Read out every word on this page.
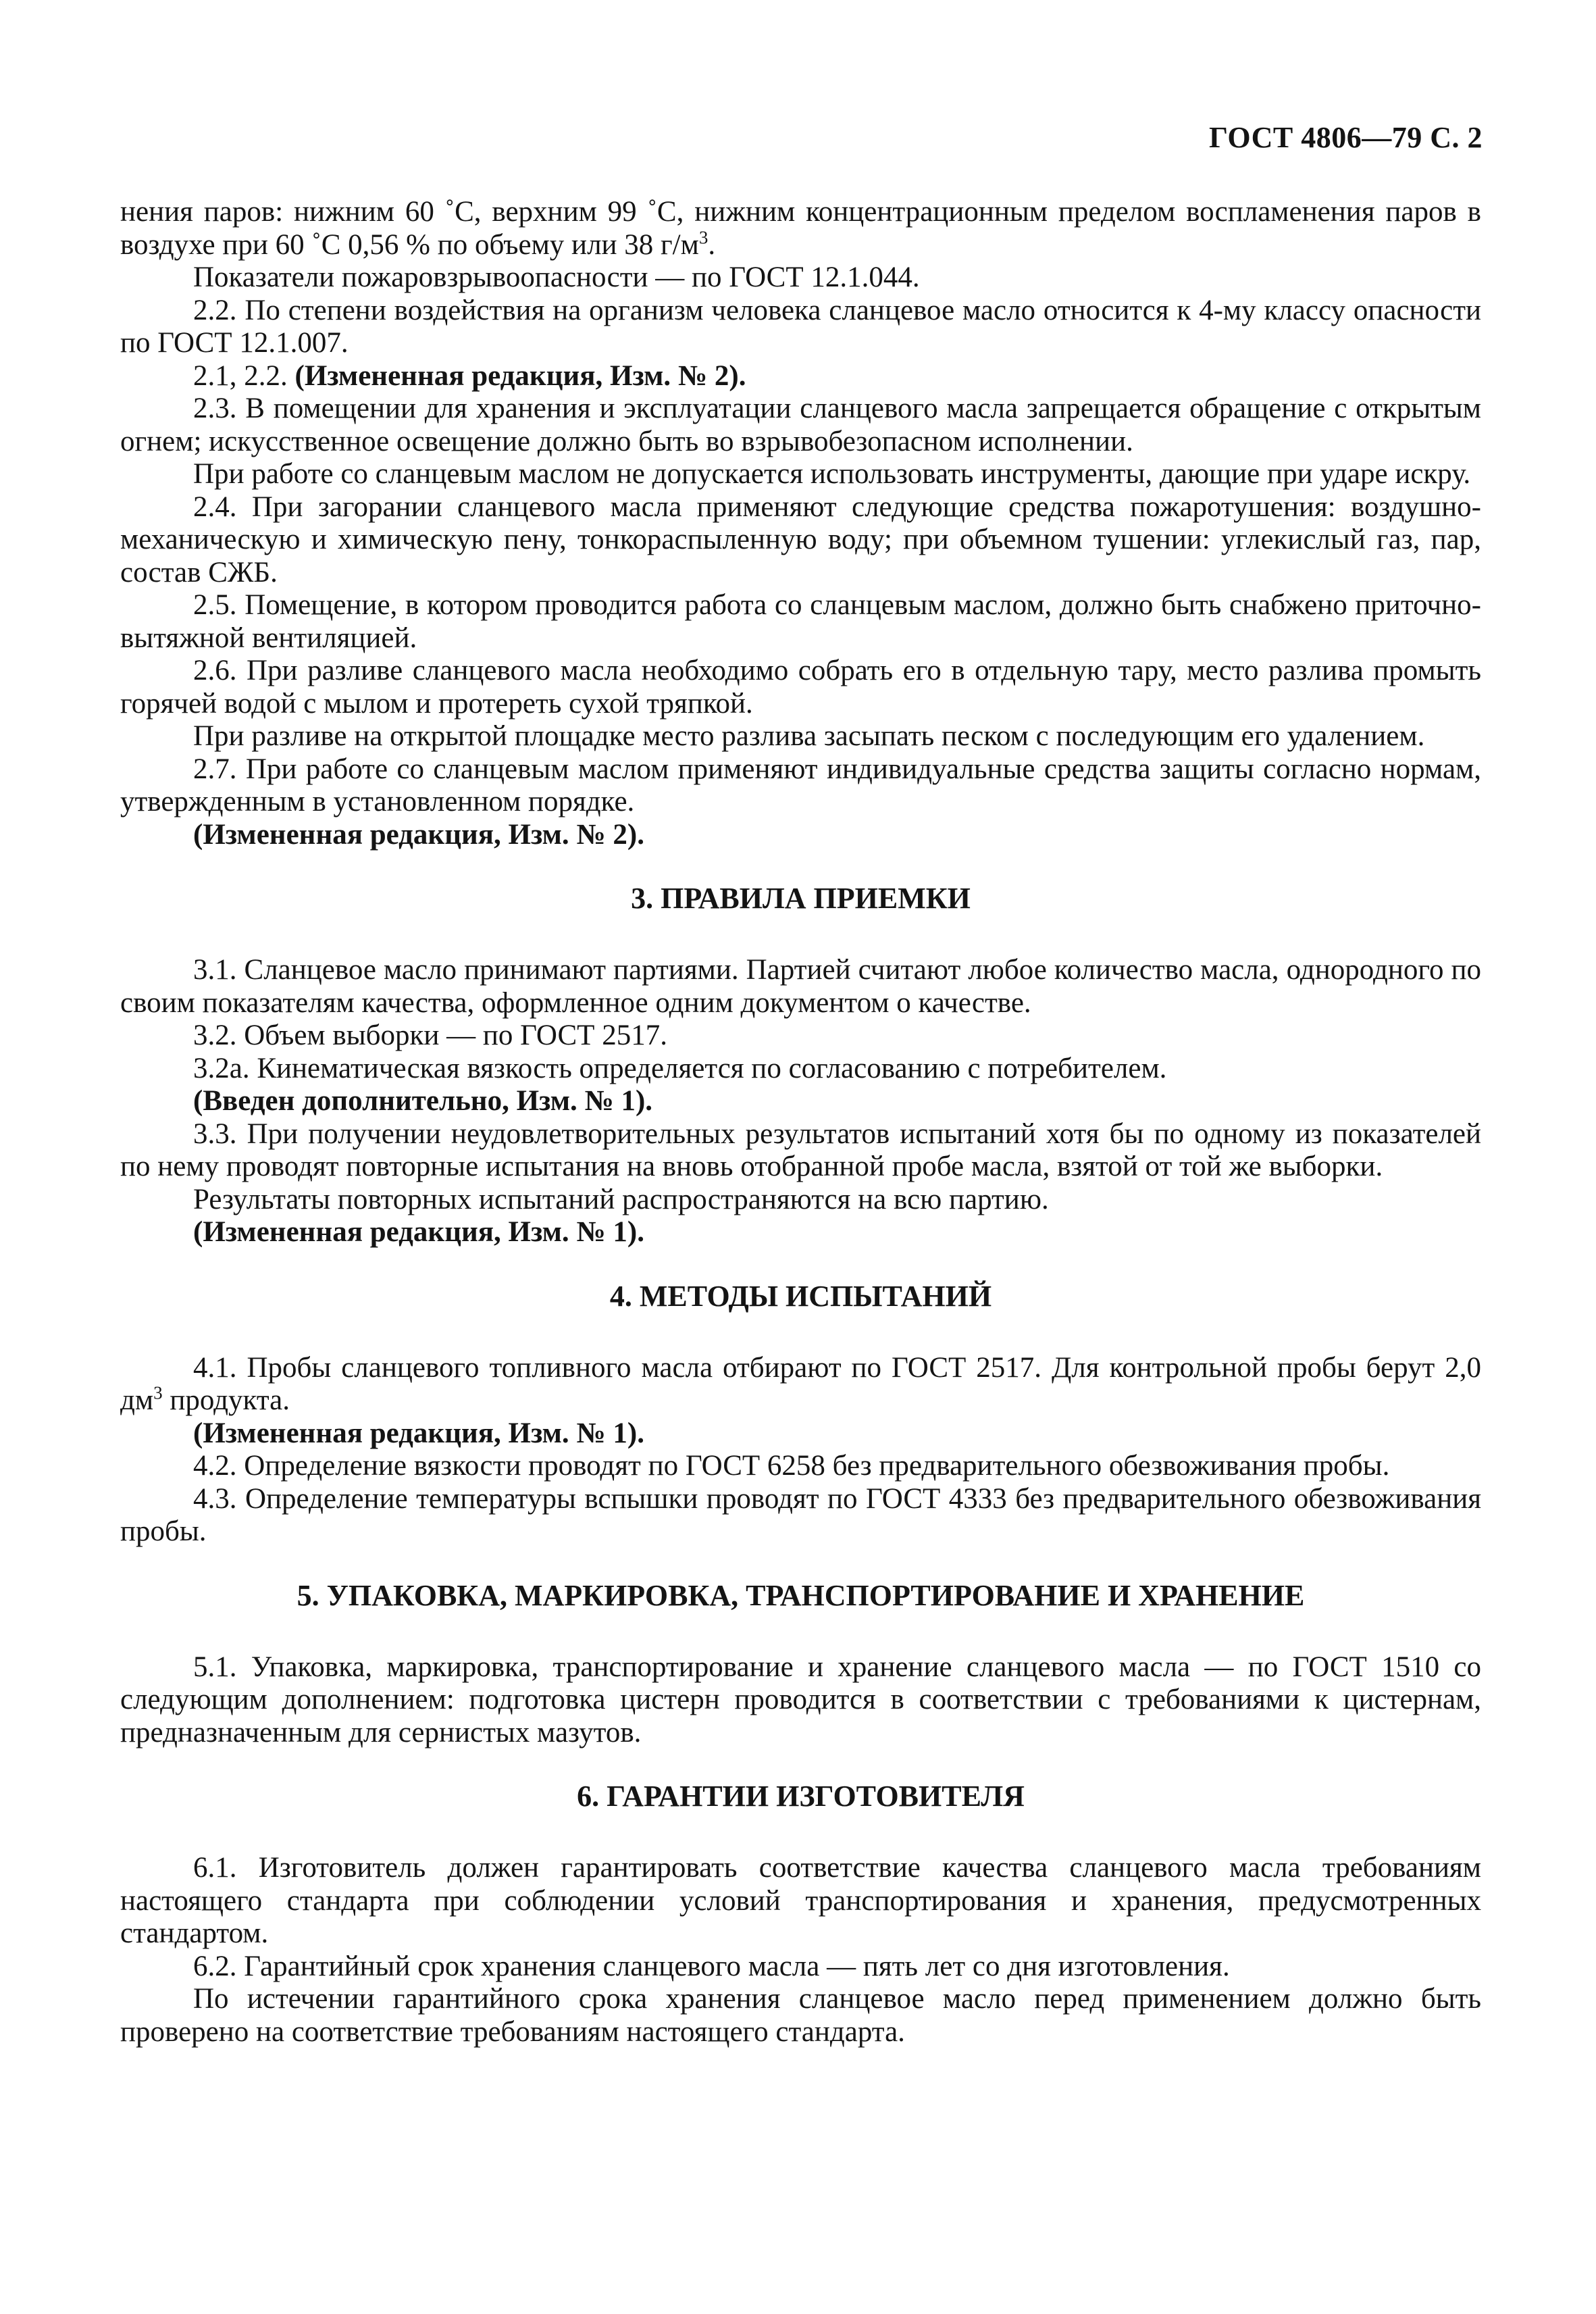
ГОСТ 4806—79 С. 2

нения паров: нижним 60 ˚С, верхним 99 ˚С, нижним концентрационным пределом воспламенения паров в воздухе при 60 ˚С 0,56 % по объему или 38 $г/м^3$.

Показатели пожаровзрывоопасности — по ГОСТ 12.1.044.

2.2. По степени воздействия на организм человека сланцевое масло относится к 4-му классу опасности по ГОСТ 12.1.007.

2.1, 2.2. (Измененная редакция, Изм. № 2).

2.3. В помещении для хранения и эксплуатации сланцевого масла запрещается обращение с открытым огнем; искусственное освещение должно быть во взрывобезопасном исполнении.

При работе со сланцевым маслом не допускается использовать инструменты, дающие при ударе искру.

2.4. При загорании сланцевого масла применяют следующие средства пожаротушения: воздушно-механическую и химическую пену, тонкораспыленную воду; при объемном тушении: углекислый газ, пар, состав СЖБ.

2.5. Помещение, в котором проводится работа со сланцевым маслом, должно быть снабжено приточно-вытяжной вентиляцией.

2.6. При разливе сланцевого масла необходимо собрать его в отдельную тару, место разлива промыть горячей водой с мылом и протереть сухой тряпкой.

При разливе на открытой площадке место разлива засыпать песком с последующим его удалением.

2.7. При работе со сланцевым маслом применяют индивидуальные средства защиты согласно нормам, утвержденным в установленном порядке.

(Измененная редакция, Изм. № 2).

3. ПРАВИЛА ПРИЕМКИ

3.1. Сланцевое масло принимают партиями. Партией считают любое количество масла, однородного по своим показателям качества, оформленное одним документом о качестве.

3.2. Объем выборки — по ГОСТ 2517.

3.2а. Кинематическая вязкость определяется по согласованию с потребителем.

(Введен дополнительно, Изм. № 1).

3.3. При получении неудовлетворительных результатов испытаний хотя бы по одному из показателей по нему проводят повторные испытания на вновь отобранной пробе масла, взятой от той же выборки.

Результаты повторных испытаний распространяются на всю партию.

(Измененная редакция, Изм. № 1).

4. МЕТОДЫ ИСПЫТАНИЙ

4.1. Пробы сланцевого топливного масла отбирают по ГОСТ 2517. Для контрольной пробы берут 2,0 $дм^3$ продукта.

(Измененная редакция, Изм. № 1).

4.2. Определение вязкости проводят по ГОСТ 6258 без предварительного обезвоживания пробы.

4.3. Определение температуры вспышки проводят по ГОСТ 4333 без предварительного обезвоживания пробы.

5. УПАКОВКА, МАРКИРОВКА, ТРАНСПОРТИРОВАНИЕ И ХРАНЕНИЕ

5.1. Упаковка, маркировка, транспортирование и хранение сланцевого масла — по ГОСТ 1510 со следующим дополнением: подготовка цистерн проводится в соответствии с требованиями к цистернам, предназначенным для сернистых мазутов.

6. ГАРАНТИИ ИЗГОТОВИТЕЛЯ

6.1. Изготовитель должен гарантировать соответствие качества сланцевого масла требованиям настоящего стандарта при соблюдении условий транспортирования и хранения, предусмотренных стандартом.

6.2. Гарантийный срок хранения сланцевого масла — пять лет со дня изготовления.

По истечении гарантийного срока хранения сланцевое масло перед применением должно быть проверено на соответствие требованиям настоящего стандарта.
